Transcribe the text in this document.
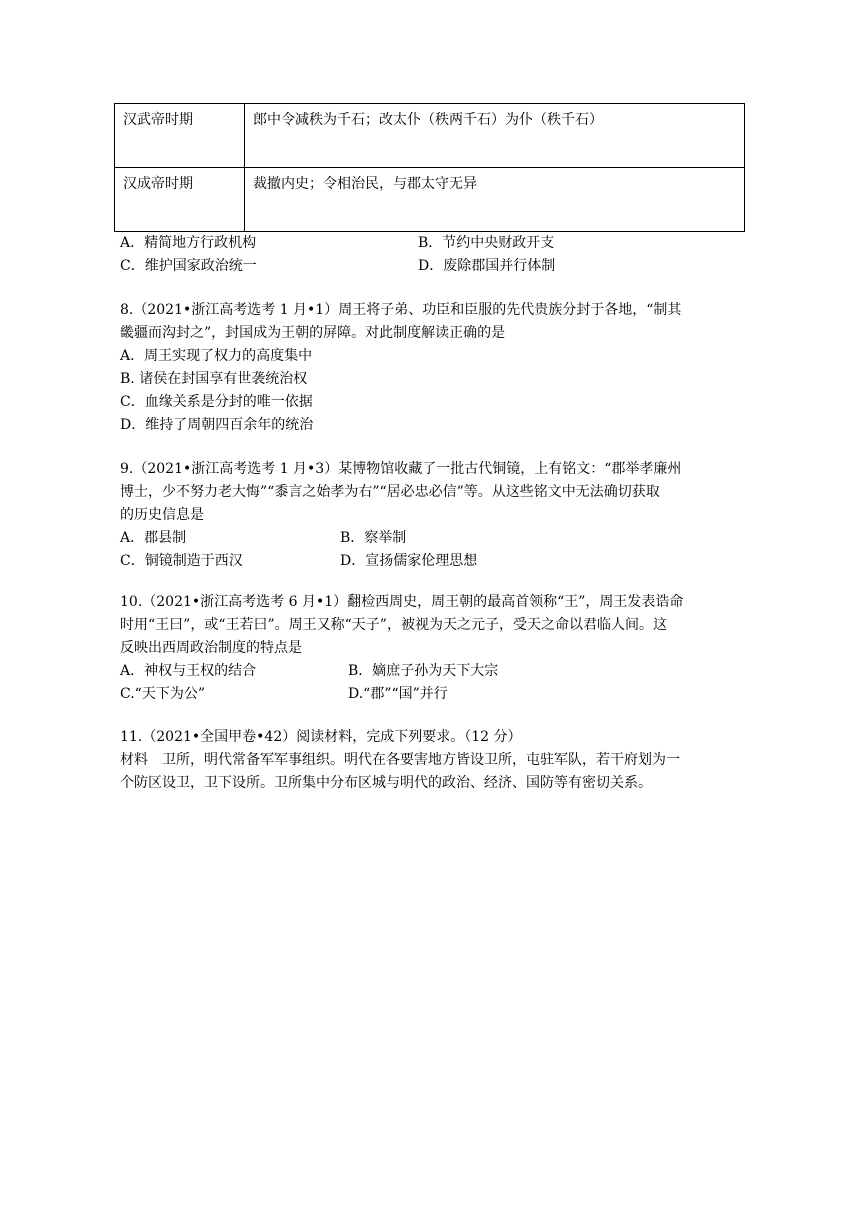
汉武帝时期	郎中令减秩为千石；改太仆（秩两千石）为仆（秩千石）
汉成帝时期	裁撤内史；令相治民，与郡太守无异
A．精简地方行政机构	B．节约中央财政开支
C．维护国家政治统一	D．废除郡国并行体制
8.（2021•浙江高考选考 1 月•1）周王将子弟、功臣和臣服的先代贵族分封于各地，“制其
畿疆而沟封之”，封国成为王朝的屏障。对此制度解读正确的是
A．周王实现了权力的高度集中
B. 诸侯在封国享有世袭统治权
C．血缘关系是分封的唯一依据
D．维持了周朝四百余年的统治
9.（2021•浙江高考选考 1 月•3）某博物馆收藏了一批古代铜镜，上有铭文：“郡举孝廉州
博士，少不努力老大悔”“黍言之始孝为右”“居必忠必信”等。从这些铭文中无法确切获取
的历史信息是
A．郡县制	B．察举制
C．铜镜制造于西汉	D．宣扬儒家伦理思想
10.（2021•浙江高考选考 6 月•1）翻检西周史，周王朝的最高首领称“王”，周王发表诰命
时用“王曰”，或“王若曰”。周王又称“天子”，被视为天之元子，受天之命以君临人间。这
反映出西周政治制度的特点是
A．神权与王权的结合	B．嫡庶子孙为天下大宗
C.“天下为公”	D.“郡”“国”并行
11.（2021•全国甲卷•42）阅读材料，完成下列要求。（12 分）
材料　卫所，明代常备军军事组织。明代在各要害地方皆设卫所，屯驻军队，若干府划为一
个防区设卫，卫下设所。卫所集中分布区城与明代的政治、经济、国防等有密切关系。
